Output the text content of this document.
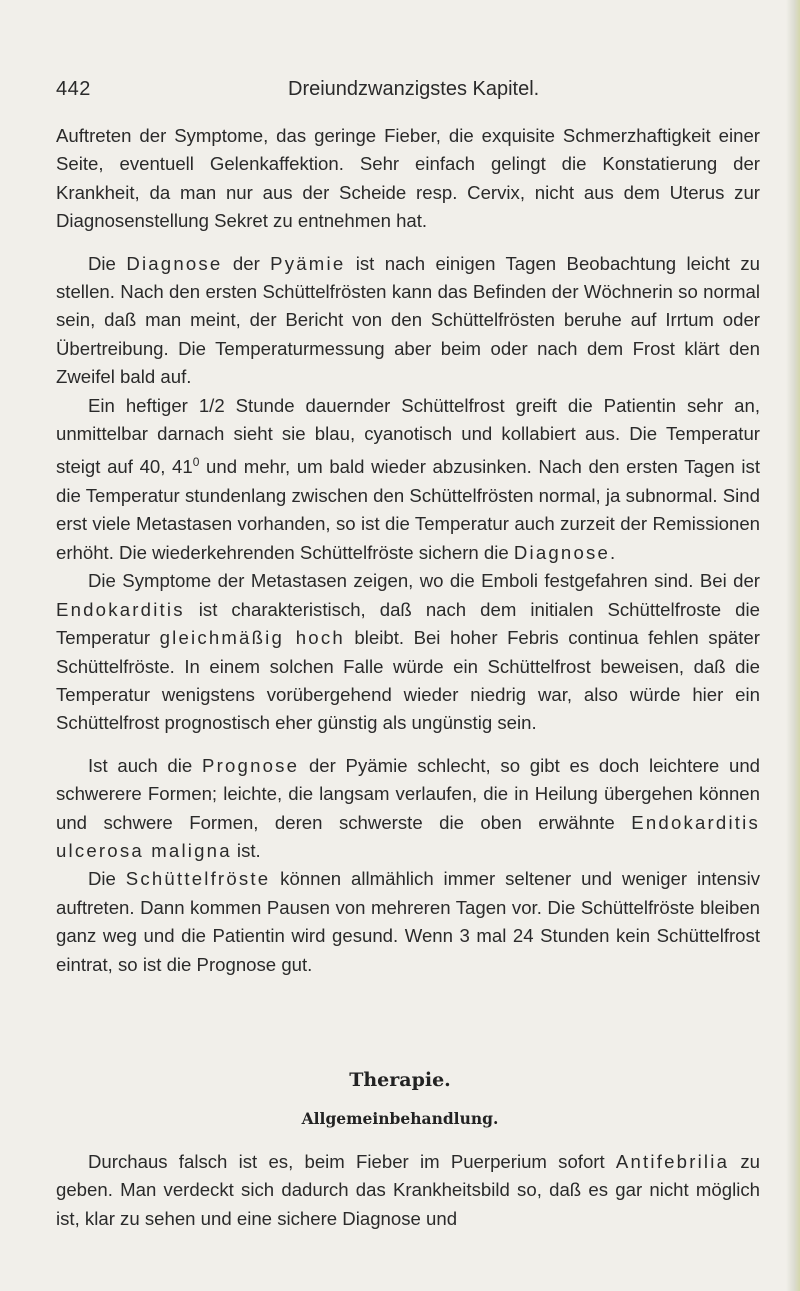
442	Dreiundzwanzigstes Kapitel.

Auftreten der Symptome, das geringe Fieber, die exquisite Schmerzhaftigkeit einer Seite, eventuell Gelenkaffektion. Sehr einfach gelingt die Konstatierung der Krankheit, da man nur aus der Scheide resp. Cervix, nicht aus dem Uterus zur Diagnosenstellung Sekret zu entnehmen hat.

Die Diagnose der Pyämie ist nach einigen Tagen Beobachtung leicht zu stellen. Nach den ersten Schüttelfrösten kann das Befinden der Wöchnerin so normal sein, daß man meint, der Bericht von den Schüttelfrösten beruhe auf Irrtum oder Übertreibung. Die Temperaturmessung aber beim oder nach dem Frost klärt den Zweifel bald auf.

Ein heftiger 1/2 Stunde dauernder Schüttelfrost greift die Patientin sehr an, unmittelbar darnach sieht sie blau, cyanotisch und kollabiert aus. Die Temperatur steigt auf 40, $41^0$ und mehr, um bald wieder abzusinken. Nach den ersten Tagen ist die Temperatur stundenlang zwischen den Schüttelfrösten normal, ja subnormal. Sind erst viele Metastasen vorhanden, so ist die Temperatur auch zurzeit der Remissionen erhöht. Die wiederkehrenden Schüttelfröste sichern die Diagnose.

Die Symptome der Metastasen zeigen, wo die Emboli festgefahren sind. Bei der Endokarditis ist charakteristisch, daß nach dem initialen Schüttelfroste die Temperatur gleichmäßig hoch bleibt. Bei hoher Febris continua fehlen später Schüttelfröste. In einem solchen Falle würde ein Schüttelfrost beweisen, daß die Temperatur wenigstens vorübergehend wieder niedrig war, also würde hier ein Schüttelfrost prognostisch eher günstig als ungünstig sein.

Ist auch die Prognose der Pyämie schlecht, so gibt es doch leichtere und schwerere Formen; leichte, die langsam verlaufen, die in Heilung übergehen können und schwere Formen, deren schwerste die oben erwähnte Endokarditis ulcerosa maligna ist.

Die Schüttelfröste können allmählich immer seltener und weniger intensiv auftreten. Dann kommen Pausen von mehreren Tagen vor. Die Schüttelfröste bleiben ganz weg und die Patientin wird gesund. Wenn 3 mal 24 Stunden kein Schüttelfrost eintrat, so ist die Prognose gut.

Therapie.
Allgemeinbehandlung.

Durchaus falsch ist es, beim Fieber im Puerperium sofort Antifebrilia zu geben. Man verdeckt sich dadurch das Krankheitsbild so, daß es gar nicht möglich ist, klar zu sehen und eine sichere Diagnose und
